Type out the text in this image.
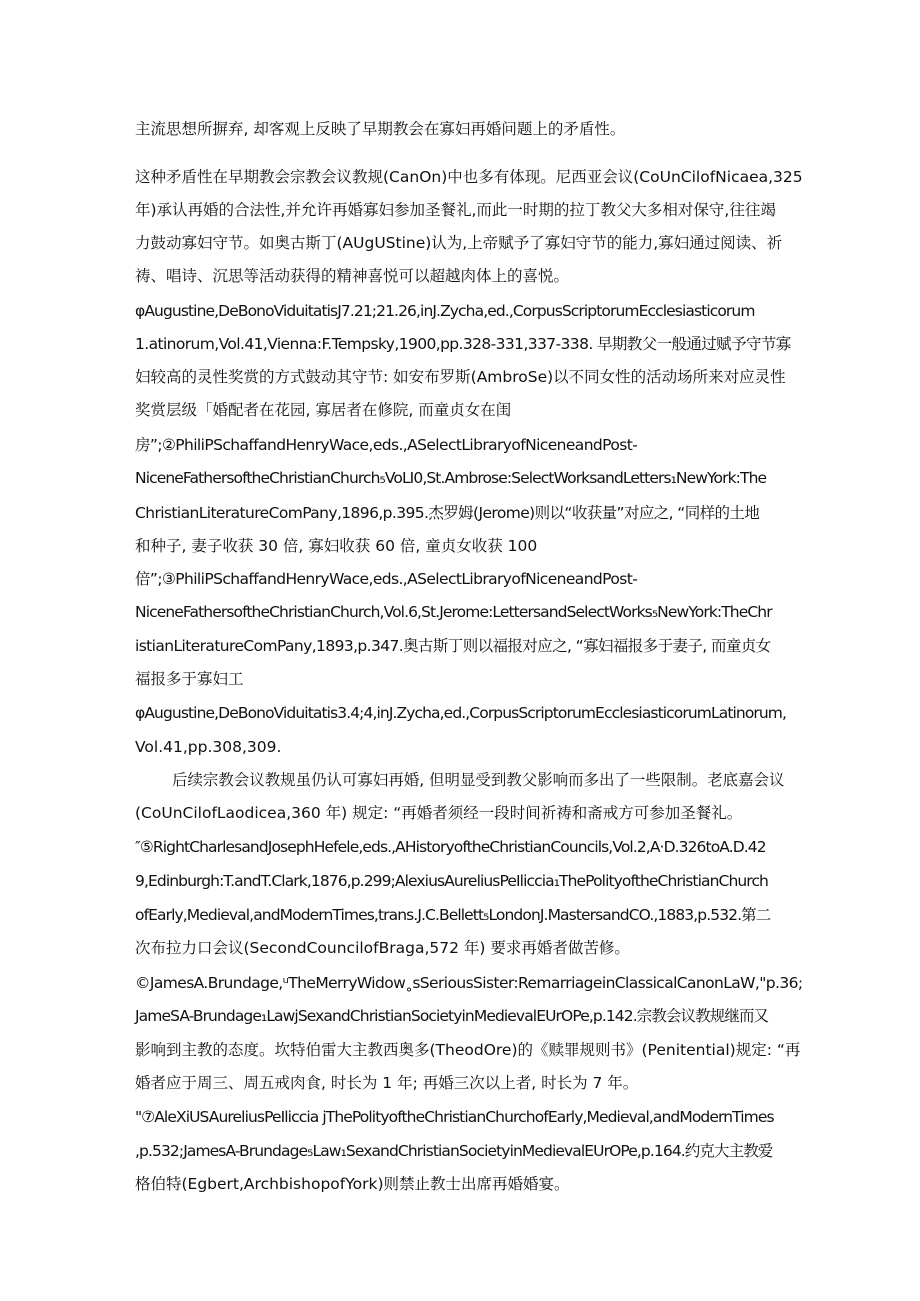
主流思想所摒弃, 却客观上反映了早期教会在寡妇再婚问题上的矛盾性。
这种矛盾性在早期教会宗教会议教规(CanOn)中也多有体现。尼西亚会议(CoUnCilofNicaea,325
年)承认再婚的合法性,并允许再婚寡妇参加圣餐礼,而此一时期的拉丁教父大多相对保守,往往竭
力鼓动寡妇守节。如奥古斯丁(AUgUStine)认为,上帝赋予了寡妇守节的能力,寡妇通过阅读、祈
祷、唱诗、沉思等活动获得的精神喜悦可以超越肉体上的喜悦。
φAugustine,DeBonoViduitatisJ7.21;21.26,inJ.Zycha,ed.,CorpusScriptorumEcclesiasticorum
1.atinorum,Vol.41,Vienna:F.Tempsky,1900,pp.328-331,337-338. 早期教父一般通过赋予守节寡
妇较高的灵性奖赏的方式鼓动其守节: 如安布罗斯(AmbroSe)以不同女性的活动场所来对应灵性
奖赏层级「婚配者在花园, 寡居者在修院, 而童贞女在闺
房”;②PhiliPSchaffandHenryWace,eds.,ASelectLibraryofNiceneandPost-
NiceneFathersoftheChristianChurch₅VoLI0,St.Ambrose:SelectWorksandLetters₁NewYork:The
ChristianLiteratureComPany,1896,p.395.杰罗姆(Jerome)则以“收获量”对应之, “同样的土地
和种子, 妻子收获 30 倍, 寡妇收获 60 倍, 童贞女收获 100
倍”;③PhiliPSchaffandHenryWace,eds.,ASelectLibraryofNiceneandPost-
NiceneFathersoftheChristianChurch,Vol.6,St.Jerome:LettersandSelectWorks₅NewYork:TheChr
istianLiteratureComPany,1893,p.347.奥古斯丁则以福报对应之, “寡妇福报多于妻子, 而童贞女
福报多于寡妇工
φAugustine,DeBonoViduitatis3.4;4,inJ.Zycha,ed.,CorpusScriptorumEcclesiasticorumLatinorum,
Vol.41,pp.308,309.
后续宗教会议教规虽仍认可寡妇再婚, 但明显受到教父影响而多出了一些限制。老底嘉会议
(CoUnCilofLaodicea,360 年) 规定: “再婚者须经一段时间祈祷和斋戒方可参加圣餐礼。
″⑤RightCharlesandJosephHefele,eds.,AHistoryoftheChristianCouncils,Vol.2,A·D.326toA.D.42
9,Edinburgh:T.andT.Clark,1876,p.299;AlexiusAureliusPeIliccia₁ThePolityoftheChristianChurch
ofEarly,Medieval,andModernTimes,trans.J.C.Bellett₅LondonJ.MastersandCO.,1883,p.532.第二
次布拉力口会议(SecondCouncilofBraga,572 年) 要求再婚者做苦修。
©JamesA.Brundage,ᵘTheMerryWidow˳sSeriousSister:RemarriageinClassicalCanonLaW,"p.36;
JameSA-Brundage₁LawjSexandChristianSocietyinMedievalEUrOPe,p.142.宗教会议教规继而又
影响到主教的态度。坎特伯雷大主教西奥多(TheodOre)的《赎罪规则书》(Penitential)规定: “再
婚者应于周三、周五戒肉食, 时长为 1 年; 再婚三次以上者, 时长为 7 年。
"⑦AleXiUSAureliusPeIliccia jThePolityoftheChristianChurchofEarly,Medieval,andModernTimes
,p.532;JamesA-Brundage₅Law₁SexandChristianSocietyinMedievalEUrOPe,p.164.约克大主教爱
格伯特(Egbert,ArchbishopofYork)则禁止教士出席再婚婚宴。
